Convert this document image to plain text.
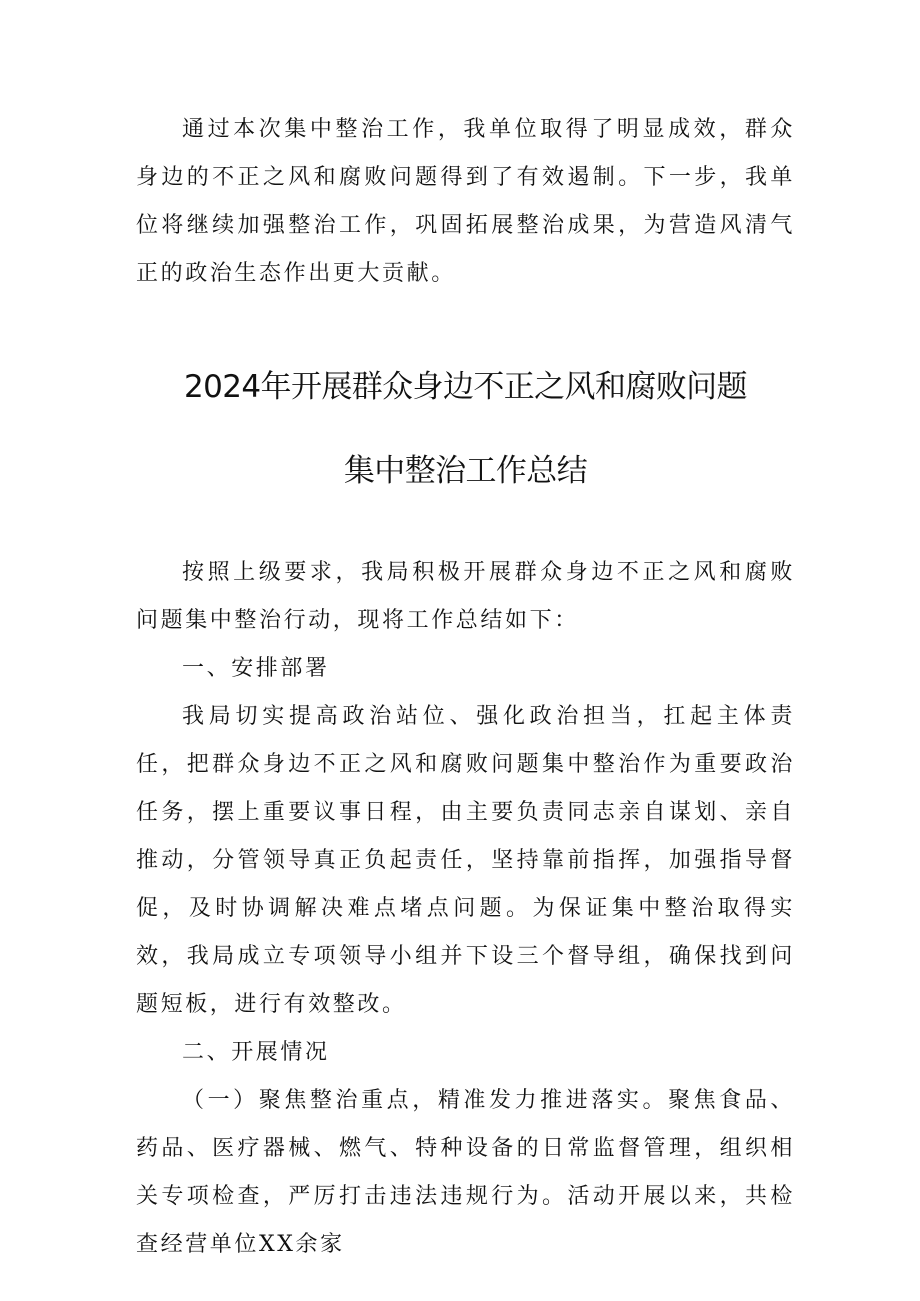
通过本次集中整治工作，我单位取得了明显成效，群众身边的不正之风和腐败问题得到了有效遏制。下一步，我单位将继续加强整治工作，巩固拓展整治成果，为营造风清气正的政治生态作出更大贡献。

2024年开展群众身边不正之风和腐败问题

集中整治工作总结

按照上级要求，我局积极开展群众身边不正之风和腐败问题集中整治行动，现将工作总结如下：

一、安排部署

我局切实提高政治站位、强化政治担当，扛起主体责任，把群众身边不正之风和腐败问题集中整治作为重要政治任务，摆上重要议事日程，由主要负责同志亲自谋划、亲自推动，分管领导真正负起责任，坚持靠前指挥，加强指导督促，及时协调解决难点堵点问题。为保证集中整治取得实效，我局成立专项领导小组并下设三个督导组，确保找到问题短板，进行有效整改。

二、开展情况

（一）聚焦整治重点，精准发力推进落实。聚焦食品、药品、医疗器械、燃气、特种设备的日常监督管理，组织相关专项检查，严厉打击违法违规行为。活动开展以来，共检查经营单位XX余家
